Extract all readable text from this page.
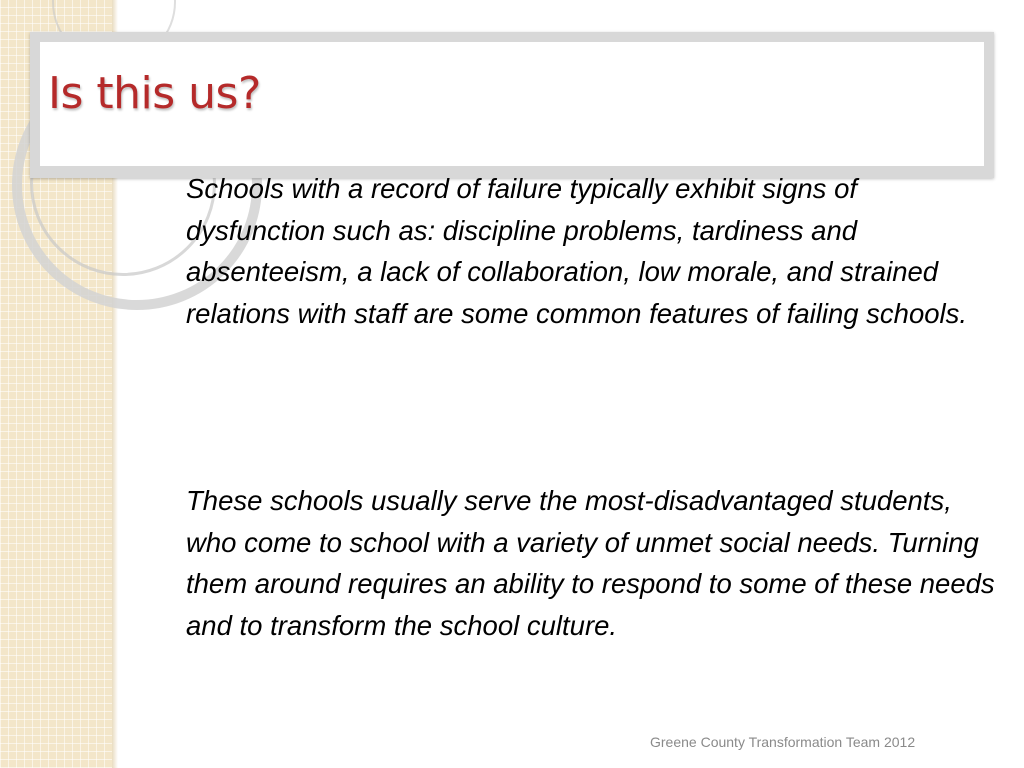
Is this us?

Schools with a record of failure typically exhibit signs of dysfunction such as: discipline problems, tardiness and absenteeism, a lack of collaboration, low morale, and strained relations with staff are some common features of failing schools.

These schools usually serve the most-disadvantaged students, who come to school with a variety of unmet social needs. Turning them around requires an ability to respond to some of these needs and to transform the school culture.

Greene County Transformation Team 2012
